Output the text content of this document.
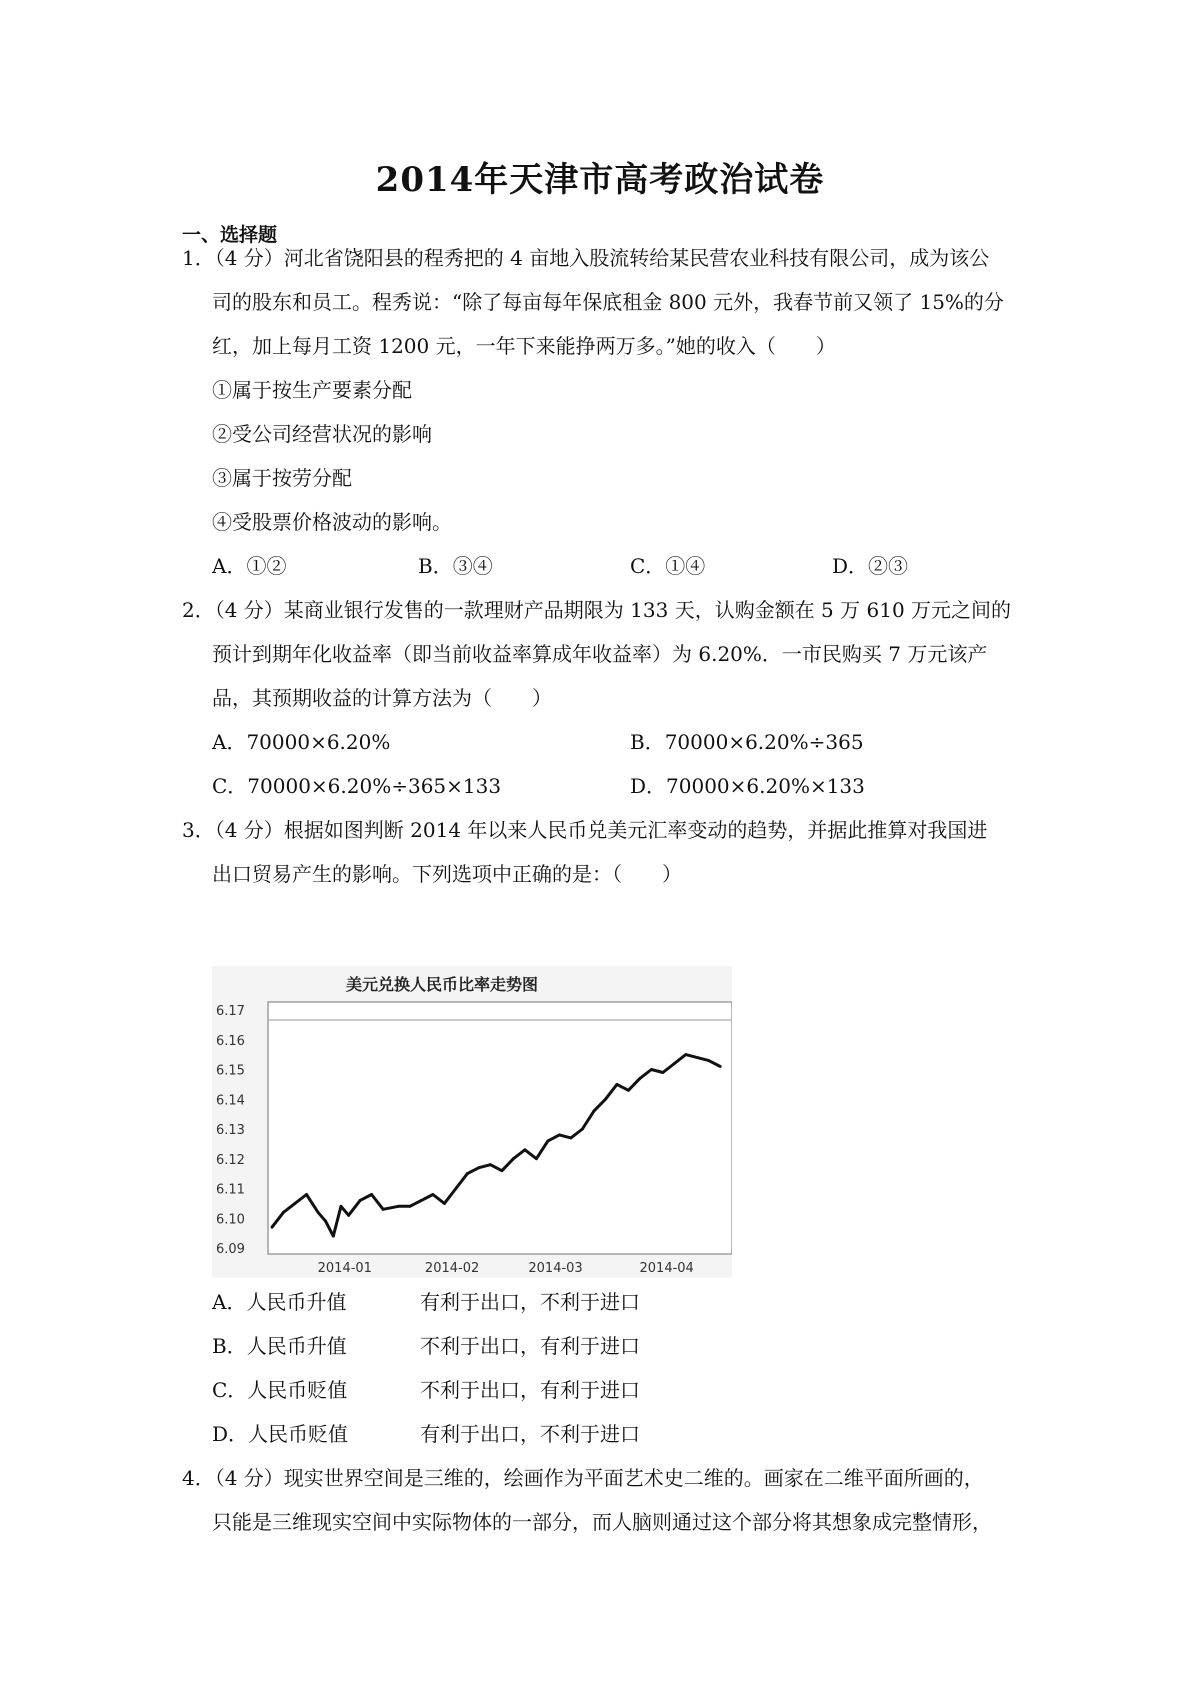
2014年天津市高考政治试卷
一、选择题
1．（4 分）河北省饶阳县的程秀把的 4 亩地入股流转给某民营农业科技有限公司，成为该公
司的股东和员工。程秀说：“除了每亩每年保底租金 800 元外，我春节前又领了 15%的分
红，加上每月工资 1200 元，一年下来能挣两万多。”她的收入（　　）
①属于按生产要素分配
②受公司经营状况的影响
③属于按劳分配
④受股票价格波动的影响。
A．①②	B．③④	C．①④	D．②③
2．（4 分）某商业银行发售的一款理财产品期限为 133 天，认购金额在 5 万 610 万元之间的
预计到期年化收益率（即当前收益率算成年收益率）为 6.20%．一市民购买 7 万元该产
品，其预期收益的计算方法为（　　）
A．70000×6.20%	B．70000×6.20%÷365
C．70000×6.20%÷365×133	D．70000×6.20%×133
3．（4 分）根据如图判断 2014 年以来人民币兑美元汇率变动的趋势，并据此推算对我国进
出口贸易产生的影响。下列选项中正确的是：（　　）
美元兑换人民币比率走势图
6.17
6.16
6.15
6.14
6.13
6.12
6.11
6.10
6.09
2014-01	2014-02	2014-03	2014-04
A．人民币升值	有利于出口，不利于进口
B．人民币升值	不利于出口，有利于进口
C．人民币贬值	不利于出口，有利于进口
D．人民币贬值	有利于出口，不利于进口
4．（4 分）现实世界空间是三维的，绘画作为平面艺术史二维的。画家在二维平面所画的，
只能是三维现实空间中实际物体的一部分，而人脑则通过这个部分将其想象成完整情形，
